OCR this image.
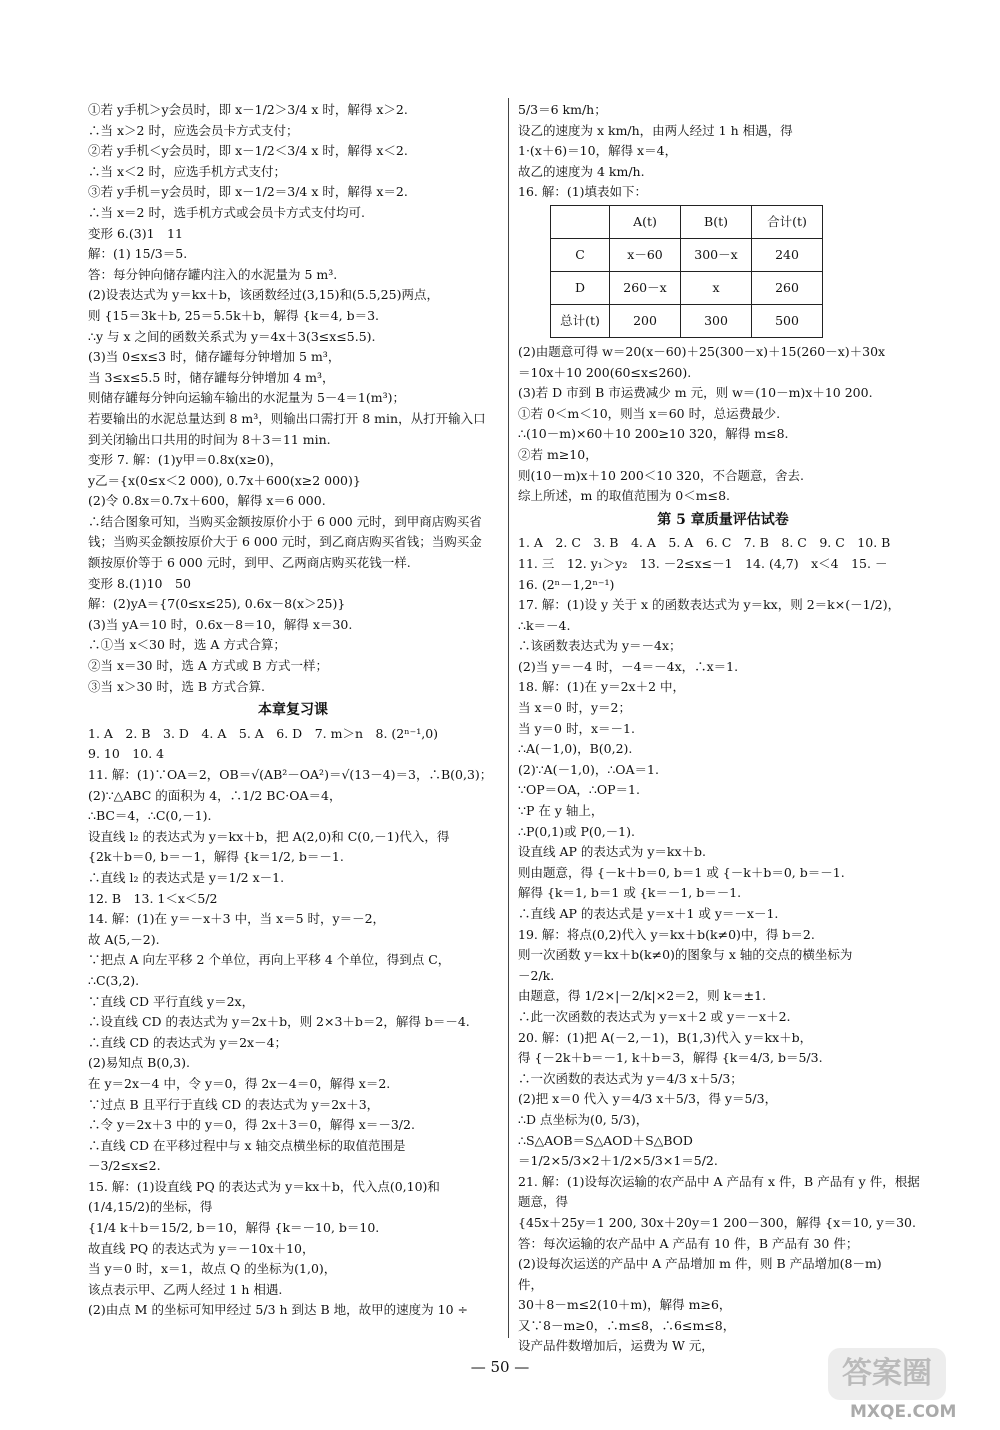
①若 y手机＞y会员时，即 x－1/2＞3/4 x 时，解得 x＞2.
∴当 x＞2 时，应选会员卡方式支付；
②若 y手机＜y会员时，即 x－1/2＜3/4 x 时，解得 x＜2.
∴当 x＜2 时，应选手机方式支付；
③若 y手机＝y会员时，即 x－1/2＝3/4 x 时，解得 x＝2.
∴当 x＝2 时，选手机方式或会员卡方式支付均可.
变形 6.(3)1　11
解：(1) 15/3＝5.
答：每分钟向储存罐内注入的水泥量为 5 m³.
(2)设表达式为 y＝kx＋b，该函数经过(3,15)和(5.5,25)两点，
则 {15＝3k＋b, 25＝5.5k＋b，解得 {k＝4, b＝3.
∴y 与 x 之间的函数关系式为 y＝4x＋3(3≤x≤5.5).
(3)当 0≤x≤3 时，储存罐每分钟增加 5 m³，
当 3≤x≤5.5 时，储存罐每分钟增加 4 m³，
则储存罐每分钟向运输车输出的水泥量为 5－4＝1(m³)；
若要输出的水泥总量达到 8 m³，则输出口需打开 8 min，从打开输入口
到关闭输出口共用的时间为 8＋3＝11 min.
变形 7. 解：(1)y甲＝0.8x(x≥0)，
y乙＝{x(0≤x＜2 000), 0.7x＋600(x≥2 000)}
(2)令 0.8x＝0.7x＋600，解得 x＝6 000.
∴结合图象可知，当购买金额按原价小于 6 000 元时，到甲商店购买省
钱；当购买金额按原价大于 6 000 元时，到乙商店购买省钱；当购买金
额按原价等于 6 000 元时，到甲、乙两商店购买花钱一样.
变形 8.(1)10　50
解：(2)yA＝{7(0≤x≤25), 0.6x－8(x＞25)}
(3)当 yA＝10 时，0.6x－8＝10，解得 x＝30.
∴①当 x＜30 时，选 A 方式合算；
②当 x＝30 时，选 A 方式或 B 方式一样；
③当 x＞30 时，选 B 方式合算.
本章复习课
1. A　2. B　3. D　4. A　5. A　6. D　7. m＞n　8. (2ⁿ⁻¹,0)
9. 10　10. 4
11. 解：(1)∵OA＝2，OB＝√(AB²－OA²)＝√(13－4)＝3，∴B(0,3)；
(2)∵△ABC 的面积为 4，∴1/2 BC·OA＝4，
∴BC＝4，∴C(0,－1).
设直线 l₂ 的表达式为 y＝kx＋b，把 A(2,0)和 C(0,－1)代入，得
{2k＋b＝0, b＝－1，解得 {k＝1/2, b＝－1.
∴直线 l₂ 的表达式是 y＝1/2 x－1.
12. B　13. 1＜x＜5/2
14. 解：(1)在 y＝－x＋3 中，当 x＝5 时，y＝－2，
故 A(5,－2).
∵把点 A 向左平移 2 个单位，再向上平移 4 个单位，得到点 C，
∴C(3,2).
∵直线 CD 平行直线 y＝2x，
∴设直线 CD 的表达式为 y＝2x＋b，则 2×3＋b＝2，解得 b＝－4.
∴直线 CD 的表达式为 y＝2x－4；
(2)易知点 B(0,3).
在 y＝2x－4 中，令 y＝0，得 2x－4＝0，解得 x＝2.
∵过点 B 且平行于直线 CD 的表达式为 y＝2x＋3，
∴令 y＝2x＋3 中的 y＝0，得 2x＋3＝0，解得 x＝－3/2.
∴直线 CD 在平移过程中与 x 轴交点横坐标的取值范围是
－3/2≤x≤2.
15. 解：(1)设直线 PQ 的表达式为 y＝kx＋b，代入点(0,10)和
(1/4,15/2)的坐标，得
{1/4 k＋b＝15/2, b＝10，解得 {k＝－10, b＝10.
故直线 PQ 的表达式为 y＝－10x＋10，
当 y＝0 时，x＝1，故点 Q 的坐标为(1,0)，
该点表示甲、乙两人经过 1 h 相遇.
(2)由点 M 的坐标可知甲经过 5/3 h 到达 B 地，故甲的速度为 10 ÷
5/3＝6 km/h；
设乙的速度为 x km/h，由两人经过 1 h 相遇，得
1·(x＋6)＝10，解得 x＝4，
故乙的速度为 4 km/h.
16. 解：(1)填表如下：
	A(t)	B(t)	合计(t)
C	x－60	300－x	240
D	260－x	x	260
总计(t)	200	300	500
(2)由题意可得 w＝20(x－60)＋25(300－x)＋15(260－x)＋30x
＝10x＋10 200(60≤x≤260).
(3)若 D 市到 B 市运费减少 m 元，则 w＝(10－m)x＋10 200.
①若 0＜m＜10，则当 x＝60 时，总运费最少.
∴(10－m)×60＋10 200≥10 320，解得 m≤8.
②若 m≥10，
则(10－m)x＋10 200＜10 320，不合题意，舍去.
综上所述，m 的取值范围为 0＜m≤8.
第 5 章质量评估试卷
1. A　2. C　3. B　4. A　5. A　6. C　7. B　8. C　9. C　10. B
11. 三　12. y₁＞y₂　13. －2≤x≤－1　14. (4,7)　x＜4　15. －
16. (2ⁿ－1,2ⁿ⁻¹)
17. 解：(1)设 y 关于 x 的函数表达式为 y＝kx，则 2＝k×(－1/2)，
∴k＝－4.
∴该函数表达式为 y＝－4x；
(2)当 y＝－4 时，－4＝－4x，∴x＝1.
18. 解：(1)在 y＝2x＋2 中，
当 x＝0 时，y＝2；
当 y＝0 时，x＝－1.
∴A(－1,0)，B(0,2).
(2)∵A(－1,0)，∴OA＝1.
∵OP＝OA，∴OP＝1.
∵P 在 y 轴上，
∴P(0,1)或 P(0,－1).
设直线 AP 的表达式为 y＝kx＋b.
则由题意，得 {－k＋b＝0, b＝1 或 {－k＋b＝0, b＝－1.
解得 {k＝1, b＝1 或 {k＝－1, b＝－1.
∴直线 AP 的表达式是 y＝x＋1 或 y＝－x－1.
19. 解：将点(0,2)代入 y＝kx＋b(k≠0)中，得 b＝2.
则一次函数 y＝kx＋b(k≠0)的图象与 x 轴的交点的横坐标为
－2/k.
由题意，得 1/2×|－2/k|×2＝2，则 k＝±1.
∴此一次函数的表达式为 y＝x＋2 或 y＝－x＋2.
20. 解：(1)把 A(－2,－1)，B(1,3)代入 y＝kx＋b，
得 {－2k＋b＝－1, k＋b＝3，解得 {k＝4/3, b＝5/3.
∴一次函数的表达式为 y＝4/3 x＋5/3；
(2)把 x＝0 代入 y＝4/3 x＋5/3，得 y＝5/3，
∴D 点坐标为(0, 5/3)，
∴S△AOB＝S△AOD＋S△BOD
＝1/2×5/3×2＋1/2×5/3×1＝5/2.
21. 解：(1)设每次运输的农产品中 A 产品有 x 件，B 产品有 y 件，根据
题意，得
{45x＋25y＝1 200, 30x＋20y＝1 200－300，解得 {x＝10, y＝30.
答：每次运输的农产品中 A 产品有 10 件，B 产品有 30 件；
(2)设每次运送的产品中 A 产品增加 m 件，则 B 产品增加(8－m)
件，
30＋8－m≤2(10＋m)，解得 m≥6，
又∵8－m≥0，∴m≤8，∴6≤m≤8，
设产品件数增加后，运费为 W 元，
— 50 —	答案圈
MXQE.COM
